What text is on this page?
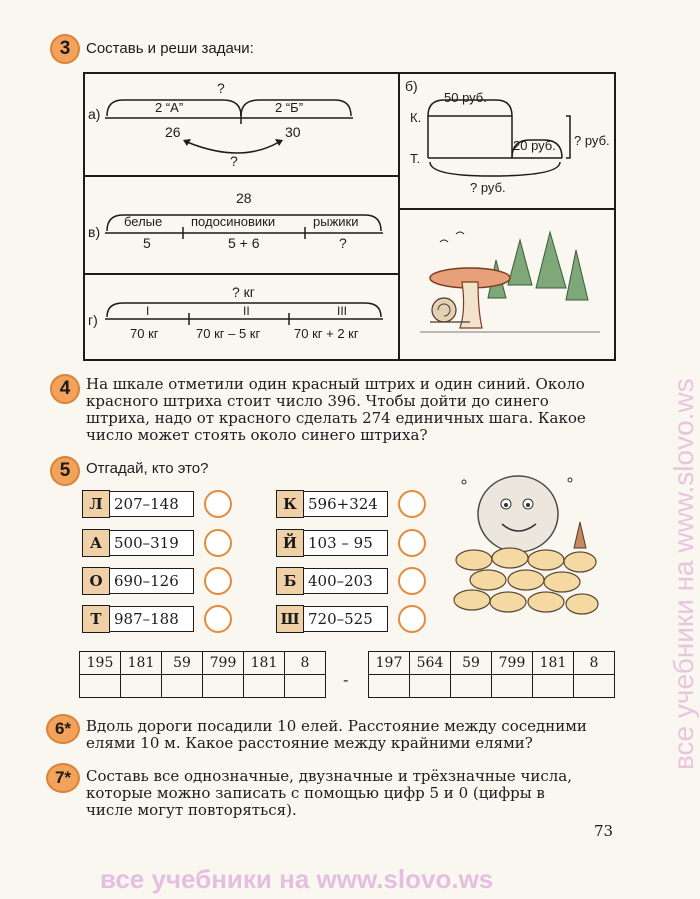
все учебники на www.slovo.ws
3 Составь и реши задачи:
а)
?
2 “А”	2 “Б”
26	30
?
в)
28
белые подосиновики	рыжики
5	5 + 6	?
г)
? кг
I	II	III
70 кг	70 кг – 5 кг	70 кг + 2 кг
б)
50 руб.
К.
Т.
20 руб. ? руб.
? руб.
4 На шкале отметили один красный штрих и один синий. Около
красного штриха стоит число 396. Чтобы дойти до синего
штриха, надо от красного сделать 274 единичных шага. Какое
число может стоять около синего штриха?
5 Отгадай, кто это?
Л 207–148
А 500–319
О 690–126
Т 987–188
К 596+324
Й 103 – 95
Б 400–203
Ш 720–525
195	181	59	799	181	8

-
197	564	59	799	181	8

6* Вдоль дороги посадили 10 елей. Расстояние между соседними
елями 10 м. Какое расстояние между крайними елями?
7* Составь все однозначные, двузначные и трёхзначные числа,
которые можно записать с помощью цифр 5 и 0 (цифры в
числе могут повторяться).
73
все учебники на www.slovo.ws
